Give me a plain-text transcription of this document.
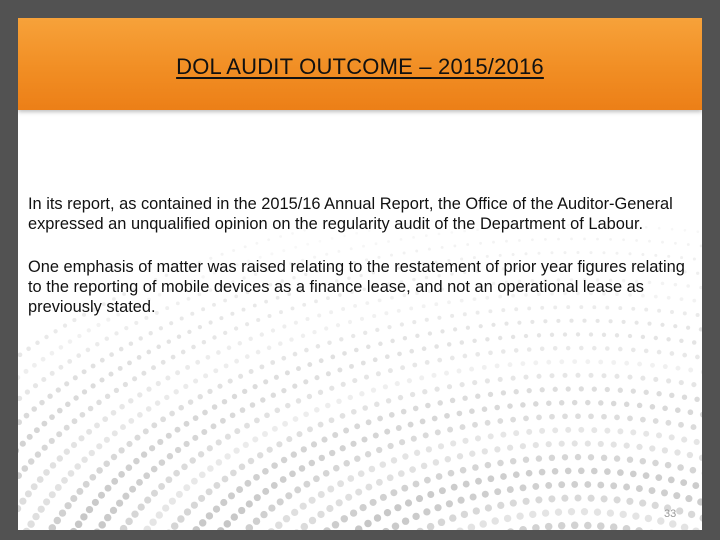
DOL AUDIT OUTCOME – 2015/2016

In its report, as contained in the 2015/16 Annual Report, the Office of the Auditor-General expressed an unqualified opinion on the regularity audit of the Department of Labour.

One emphasis of matter was raised relating to the restatement of prior year figures relating to the reporting of mobile devices as a finance lease, and not an operational lease as previously stated.

33
